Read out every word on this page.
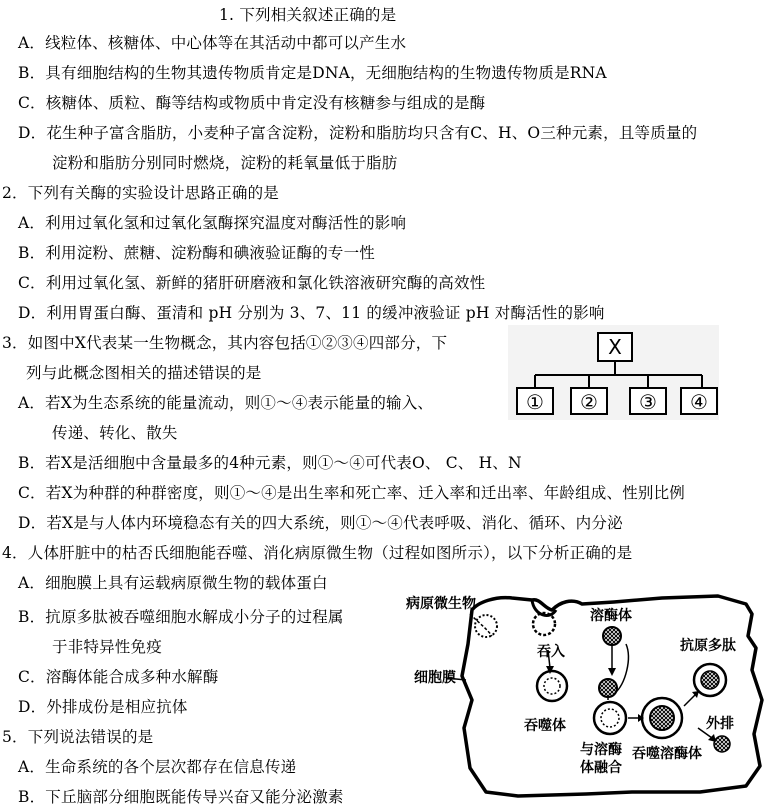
1. 下列相关叙述正确的是
A．线粒体、核糖体、中心体等在其活动中都可以产生水
B．具有细胞结构的生物其遗传物质肯定是DNA，无细胞结构的生物遗传物质是RNA
C．核糖体、质粒、酶等结构或物质中肯定没有核糖参与组成的是酶
D．花生种子富含脂肪，小麦种子富含淀粉，淀粉和脂肪均只含有C、H、O三种元素，且等质量的
淀粉和脂肪分别同时燃烧，淀粉的耗氧量低于脂肪
2．下列有关酶的实验设计思路正确的是
A．利用过氧化氢和过氧化氢酶探究温度对酶活性的影响
B．利用淀粉、蔗糖、淀粉酶和碘液验证酶的专一性
C．利用过氧化氢、新鲜的猪肝研磨液和氯化铁溶液研究酶的高效性
D．利用胃蛋白酶、蛋清和 pH 分别为 3、7、11 的缓冲液验证 pH 对酶活性的影响
3．如图中X代表某一生物概念，其内容包括①②③④四部分，下
列与此概念图相关的描述错误的是
A．若X为生态系统的能量流动，则①～④表示能量的输入、
传递、转化、散失
B．若X是活细胞中含量最多的4种元素，则①～④可代表O、 C、 H、N
C．若X为种群的种群密度，则①～④是出生率和死亡率、迁入率和迁出率、年龄组成、性别比例
D．若X是与人体内环境稳态有关的四大系统，则①～④代表呼吸、消化、循环、内分泌
X
①	②	③	④
4．人体肝脏中的枯否氏细胞能吞噬、消化病原微生物（过程如图所示），以下分析正确的是
A．细胞膜上具有运载病原微生物的载体蛋白
B．抗原多肽被吞噬细胞水解成小分子的过程属
于非特异性免疫
C．溶酶体能合成多种水解酶
D．外排成份是相应抗体
5．下列说法错误的是
A．生命系统的各个层次都存在信息传递
B．下丘脑部分细胞既能传导兴奋又能分泌激素
病原微生物
溶酶体
吞入	抗原多肽
细胞膜
吞噬体
与溶酶
体融合
吞噬溶酶体
外排
